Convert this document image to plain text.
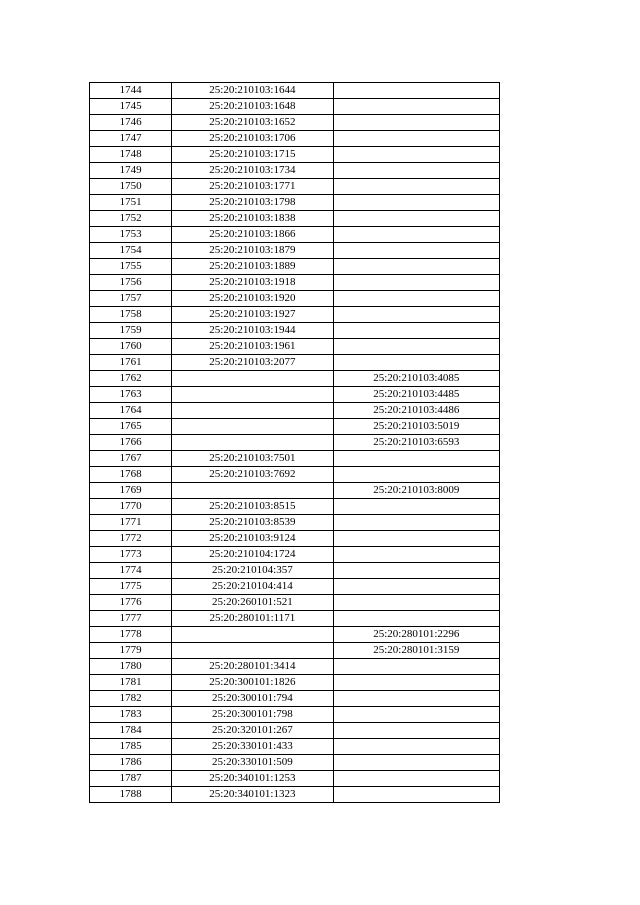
1744	25:20:210103:1644	
1745	25:20:210103:1648	
1746	25:20:210103:1652	
1747	25:20:210103:1706	
1748	25:20:210103:1715	
1749	25:20:210103:1734	
1750	25:20:210103:1771	
1751	25:20:210103:1798	
1752	25:20:210103:1838	
1753	25:20:210103:1866	
1754	25:20:210103:1879	
1755	25:20:210103:1889	
1756	25:20:210103:1918	
1757	25:20:210103:1920	
1758	25:20:210103:1927	
1759	25:20:210103:1944	
1760	25:20:210103:1961	
1761	25:20:210103:2077	
1762		25:20:210103:4085
1763		25:20:210103:4485
1764		25:20:210103:4486
1765		25:20:210103:5019
1766		25:20:210103:6593
1767	25:20:210103:7501	
1768	25:20:210103:7692	
1769		25:20:210103:8009
1770	25:20:210103:8515	
1771	25:20:210103:8539	
1772	25:20:210103:9124	
1773	25:20:210104:1724	
1774	25:20:210104:357	
1775	25:20:210104:414	
1776	25:20:260101:521	
1777	25:20:280101:1171	
1778		25:20:280101:2296
1779		25:20:280101:3159
1780	25:20:280101:3414	
1781	25:20:300101:1826	
1782	25:20:300101:794	
1783	25:20:300101:798	
1784	25:20:320101:267	
1785	25:20:330101:433	
1786	25:20:330101:509	
1787	25:20:340101:1253	
1788	25:20:340101:1323	
